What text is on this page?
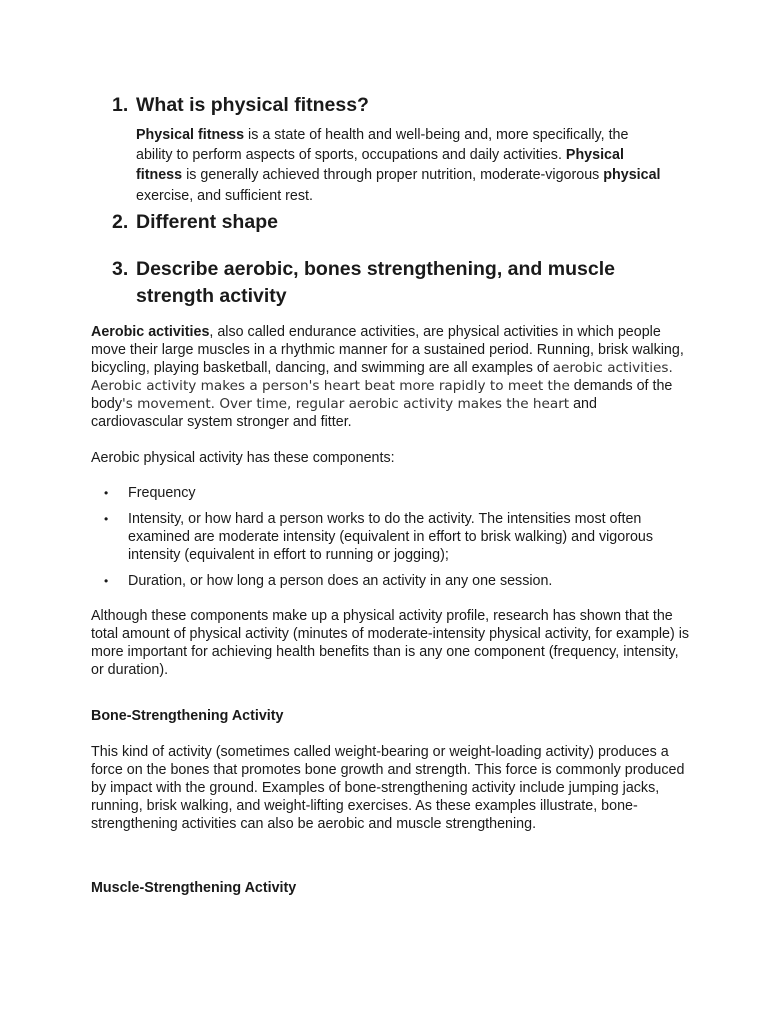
1. What is physical fitness?
Physical fitness is a state of health and well-being and, more specifically, the ability to perform aspects of sports, occupations and daily activities. Physical fitness is generally achieved through proper nutrition, moderate-vigorous physical exercise, and sufficient rest.
2. Different shape
3. Describe aerobic, bones strengthening, and muscle strength activity
Aerobic activities, also called endurance activities, are physical activities in which people move their large muscles in a rhythmic manner for a sustained period. Running, brisk walking, bicycling, playing basketball, dancing, and swimming are all examples of aerobic activities. Aerobic activity makes a person's heart beat more rapidly to meet the demands of the body's movement. Over time, regular aerobic activity makes the heart and cardiovascular system stronger and fitter.
Aerobic physical activity has these components:
• Frequency
• Intensity, or how hard a person works to do the activity. The intensities most often examined are moderate intensity (equivalent in effort to brisk walking) and vigorous intensity (equivalent in effort to running or jogging);
• Duration, or how long a person does an activity in any one session.
Although these components make up a physical activity profile, research has shown that the total amount of physical activity (minutes of moderate-intensity physical activity, for example) is more important for achieving health benefits than is any one component (frequency, intensity, or duration).
Bone-Strengthening Activity
This kind of activity (sometimes called weight-bearing or weight-loading activity) produces a force on the bones that promotes bone growth and strength. This force is commonly produced by impact with the ground. Examples of bone-strengthening activity include jumping jacks, running, brisk walking, and weight-lifting exercises. As these examples illustrate, bone-strengthening activities can also be aerobic and muscle strengthening.
Muscle-Strengthening Activity
